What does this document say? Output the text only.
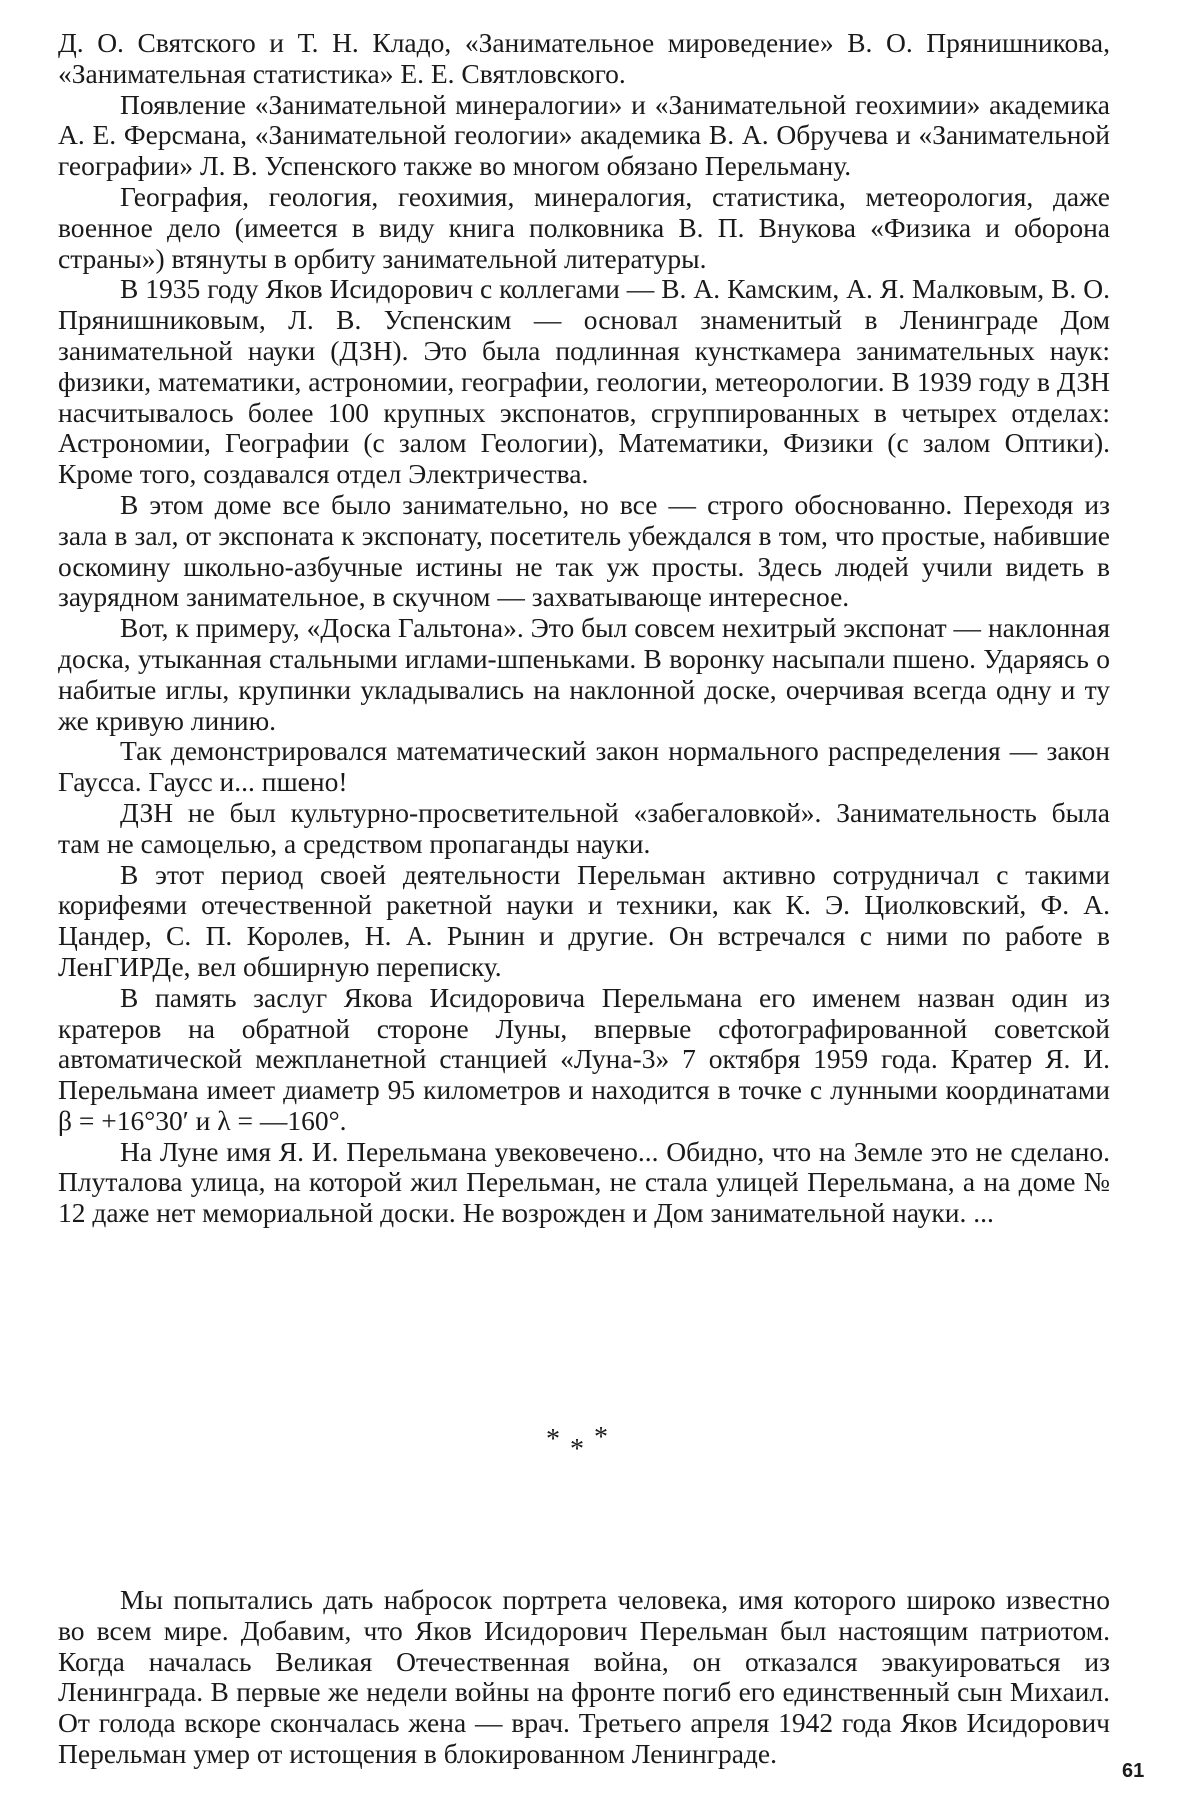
Д. О. Святского и Т. Н. Кладо, «Занимательное мироведение» В. О. Прянишникова, «Занимательная статистика» Е. Е. Святловского.

Появление «Занимательной минералогии» и «Занимательной геохимии» академика А. Е. Ферсмана, «Занимательной геологии» академика В. А. Обручева и «Занимательной географии» Л. В. Успенского также во многом обязано Перельману.

География, геология, геохимия, минералогия, статистика, метеорология, даже военное дело (имеется в виду книга полковника В. П. Внукова «Физика и оборона страны») втянуты в орбиту занимательной литературы.

В 1935 году Яков Исидорович с коллегами — В. А. Камским, А. Я. Малковым, В. О. Прянишниковым, Л. В. Успенским — основал знаменитый в Ленинграде Дом занимательной науки (ДЗН). Это была подлинная кунсткамера занимательных наук: физики, математики, астрономии, географии, геологии, метеорологии. В 1939 году в ДЗН насчитывалось более 100 крупных экспонатов, сгруппированных в четырех отделах: Астрономии, Географии (с залом Геологии), Математики, Физики (с залом Оптики). Кроме того, создавался отдел Электричества.

В этом доме все было занимательно, но все — строго обоснованно. Переходя из зала в зал, от экспоната к экспонату, посетитель убеждался в том, что простые, набившие оскомину школьно-азбучные истины не так уж просты. Здесь людей учили видеть в заурядном занимательное, в скучном — захватывающе интересное.

Вот, к примеру, «Доска Гальтона». Это был совсем нехитрый экспонат — наклонная доска, утыканная стальными иглами-шпеньками. В воронку насыпали пшено. Ударяясь о набитые иглы, крупинки укладывались на наклонной доске, очерчивая всегда одну и ту же кривую линию.

Так демонстрировался математический закон нормального распределения — закон Гаусса. Гаусс и... пшено!

ДЗН не был культурно-просветительной «забегаловкой». Занимательность была там не самоцелью, а средством пропаганды науки.

В этот период своей деятельности Перельман активно сотрудничал с такими корифеями отечественной ракетной науки и техники, как К. Э. Циолковский, Ф. А. Цандер, С. П. Королев, Н. А. Рынин и другие. Он встречался с ними по работе в ЛенГИРДе, вел обширную переписку.

В память заслуг Якова Исидоровича Перельмана его именем назван один из кратеров на обратной стороне Луны, впервые сфотографированной советской автоматической межпланетной станцией «Луна-3» 7 октября 1959 года. Кратер Я. И. Перельмана имеет диаметр 95 километров и находится в точке с лунными координатами β = +16°30′ и λ = —160°.

На Луне имя Я. И. Перельмана увековечено... Обидно, что на Земле это не сделано. Плуталова улица, на которой жил Перельман, не стала улицей Перельмана, а на доме № 12 даже нет мемориальной доски. Не возрожден и Дом занимательной науки. ...

* * *

Мы попытались дать набросок портрета человека, имя которого широко известно во всем мире. Добавим, что Яков Исидорович Перельман был настоящим патриотом. Когда началась Великая Отечественная война, он отказался эвакуироваться из Ленинграда. В первые же недели войны на фронте погиб его единственный сын Михаил. От голода вскоре скончалась жена — врач. Третьего апреля 1942 года Яков Исидорович Перельман умер от истощения в блокированном Ленинграде.

61
